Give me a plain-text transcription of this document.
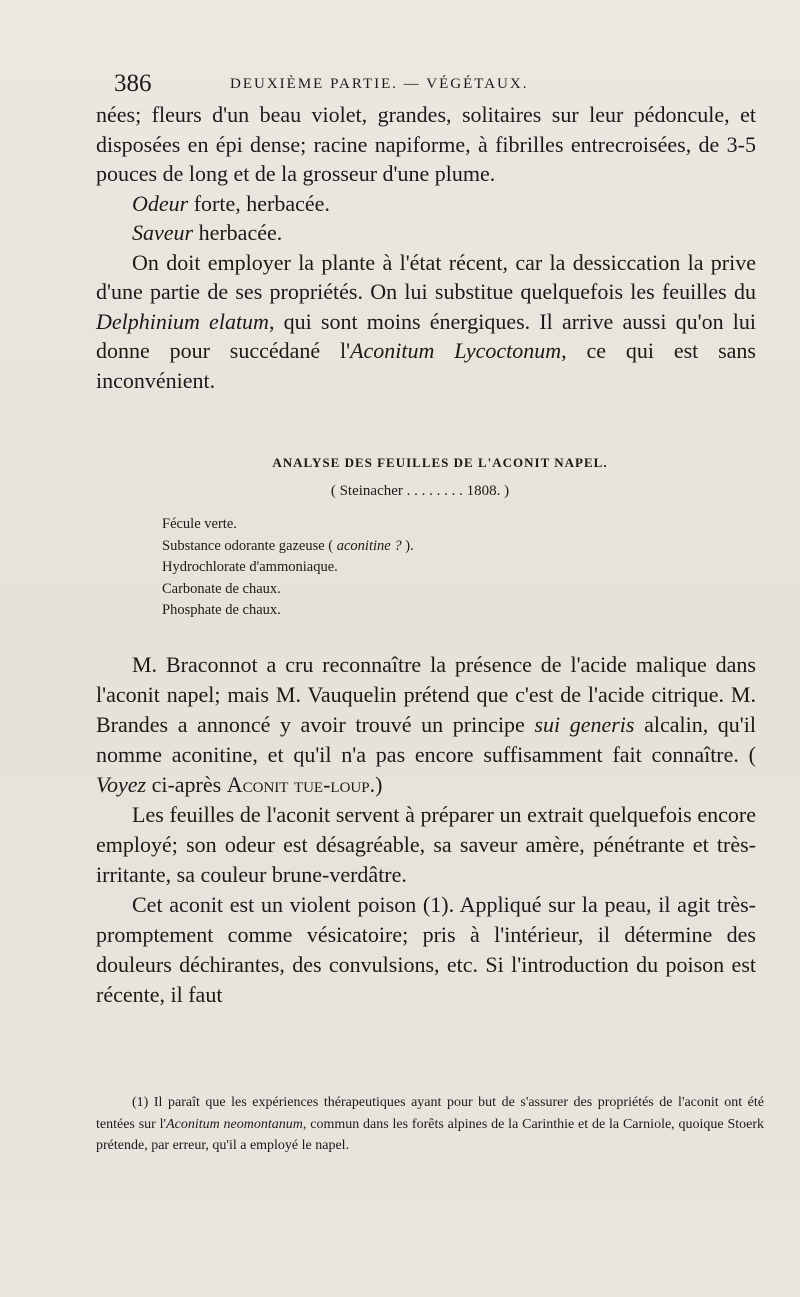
386	DEUXIÈME PARTIE. — VÉGÉTAUX.

nées; fleurs d'un beau violet, grandes, solitaires sur leur pédoncule, et disposées en épi dense; racine napiforme, à fibrilles entrecroisées, de 3-5 pouces de long et de la grosseur d'une plume.

Odeur forte, herbacée.

Saveur herbacée.

On doit employer la plante à l'état récent, car la dessiccation la prive d'une partie de ses propriétés. On lui substitue quelquefois les feuilles du Delphinium elatum, qui sont moins énergiques. Il arrive aussi qu'on lui donne pour succédané l'Aconitum Lycoctonum, ce qui est sans inconvénient.

ANALYSE DES FEUILLES DE L'ACONIT NAPEL.
( Steinacher . . . . . . . . 1808. )
Fécule verte.
Substance odorante gazeuse ( aconitine ? ).
Hydrochlorate d'ammoniaque.
Carbonate de chaux.
Phosphate de chaux.

M. Braconnot a cru reconnaître la présence de l'acide malique dans l'aconit napel; mais M. Vauquelin prétend que c'est de l'acide citrique. M. Brandes a annoncé y avoir trouvé un principe sui generis alcalin, qu'il nomme aconitine, et qu'il n'a pas encore suffisamment fait connaître. ( Voyez ci-après Aconit tue-loup.)

Les feuilles de l'aconit servent à préparer un extrait quelquefois encore employé; son odeur est désagréable, sa saveur amère, pénétrante et très-irritante, sa couleur brune-verdâtre.

Cet aconit est un violent poison (1). Appliqué sur la peau, il agit très-promptement comme vésicatoire; pris à l'intérieur, il détermine des douleurs déchirantes, des convulsions, etc. Si l'introduction du poison est récente, il faut

(1) Il paraît que les expériences thérapeutiques ayant pour but de s'assurer des propriétés de l'aconit ont été tentées sur l'Aconitum neomontanum, commun dans les forêts alpines de la Carinthie et de la Carniole, quoique Stoerk prétende, par erreur, qu'il a employé le napel.
